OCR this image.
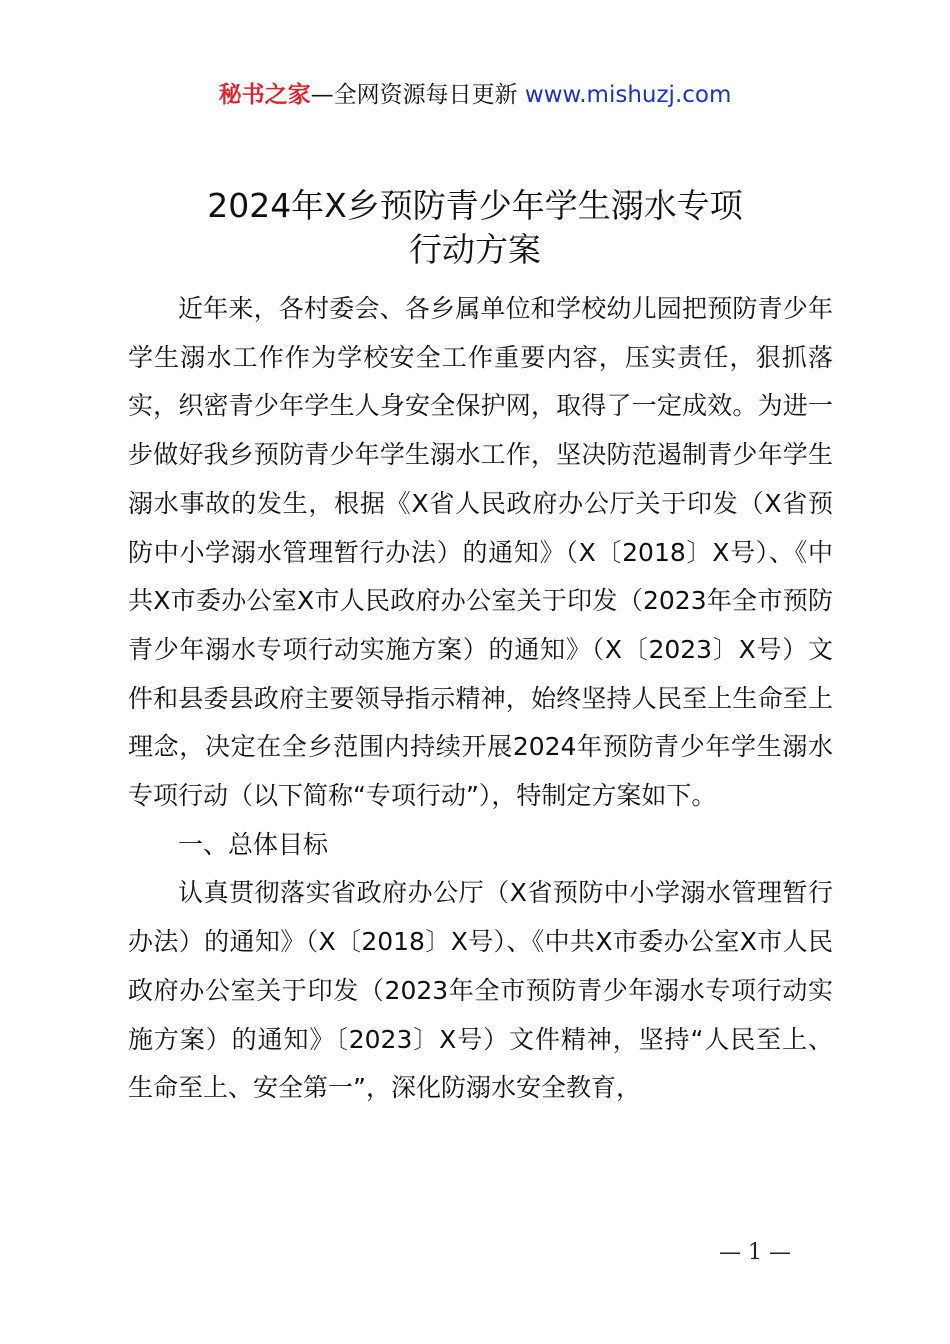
秘书之家—全网资源每日更新 www.mishuzj.com
2024年X乡预防青少年学生溺水专项
行动方案

近年来，各村委会、各乡属单位和学校幼儿园把预防青少年学生溺水工作作为学校安全工作重要内容，压实责任，狠抓落实，织密青少年学生人身安全保护网，取得了一定成效。为进一步做好我乡预防青少年学生溺水工作，坚决防范遏制青少年学生溺水事故的发生，根据《X省人民政府办公厅关于印发（X省预防中小学溺水管理暂行办法）的通知》（X〔2018〕X号）、《中共X市委办公室X市人民政府办公室关于印发（2023年全市预防青少年溺水专项行动实施方案）的通知》（X〔2023〕X号）文件和县委县政府主要领导指示精神，始终坚持人民至上生命至上理念，决定在全乡范围内持续开展2024年预防青少年学生溺水专项行动（以下简称“专项行动”），特制定方案如下。

一、总体目标

认真贯彻落实省政府办公厅（X省预防中小学溺水管理暂行办法）的通知》（X〔2018〕X号）、《中共X市委办公室X市人民政府办公室关于印发（2023年全市预防青少年溺水专项行动实施方案）的通知》〔2023〕X号）文件精神，坚持“人民至上、生命至上、安全第一”，深化防溺水安全教育，

— 1 —
